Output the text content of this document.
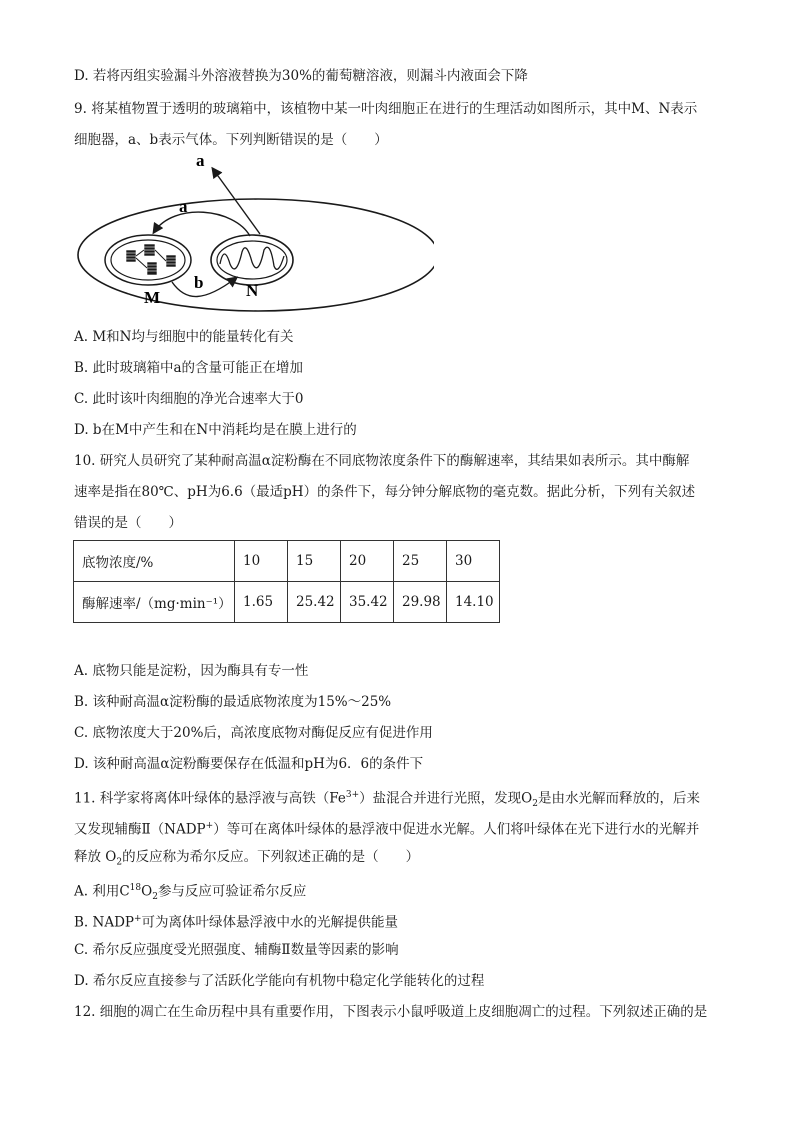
D. 若将丙组实验漏斗外溶液替换为30%的葡萄糖溶液，则漏斗内液面会下降
9. 将某植物置于透明的玻璃箱中，该植物中某一叶肉细胞正在进行的生理活动如图所示，其中M、N表示
细胞器，a、b表示气体。下列判断错误的是（　　）
a
a
b
M	N
A. M和N均与细胞中的能量转化有关
B. 此时玻璃箱中a的含量可能正在增加
C. 此时该叶肉细胞的净光合速率大于0
D. b在M中产生和在N中消耗均是在膜上进行的
10. 研究人员研究了某种耐高温α淀粉酶在不同底物浓度条件下的酶解速率，其结果如表所示。其中酶解
速率是指在80℃、pH为6.6（最适pH）的条件下，每分钟分解底物的毫克数。据此分析，下列有关叙述
错误的是（　　）
底物浓度/%	10	15	20	25	30
酶解速率/（mg·min⁻¹）	1.65	25.42	35.42	29.98	14.10
A. 底物只能是淀粉，因为酶具有专一性
B. 该种耐高温α淀粉酶的最适底物浓度为15%～25%
C. 底物浓度大于20%后，高浓度底物对酶促反应有促进作用
D. 该种耐高温α淀粉酶要保存在低温和pH为6．6的条件下
11. 科学家将离体叶绿体的悬浮液与高铁$(Fe^{3+})$盐混合并进行光照，发现$O_2$是由水光解而释放的，后来
又发现辅酶Ⅱ（NADP+）等可在离体叶绿体的悬浮液中促进水光解。人们将叶绿体在光下进行水的光解并
释放 $O_2$的反应称为希尔反应。下列叙述正确的是（　　）
A. 利用$C^{18}O_2$参与反应可验证希尔反应
B. NADP+可为离体叶绿体悬浮液中水的光解提供能量
C. 希尔反应强度受光照强度、辅酶Ⅱ数量等因素的影响
D. 希尔反应直接参与了活跃化学能向有机物中稳定化学能转化的过程
12. 细胞的凋亡在生命历程中具有重要作用，下图表示小鼠呼吸道上皮细胞凋亡的过程。下列叙述正确的是
